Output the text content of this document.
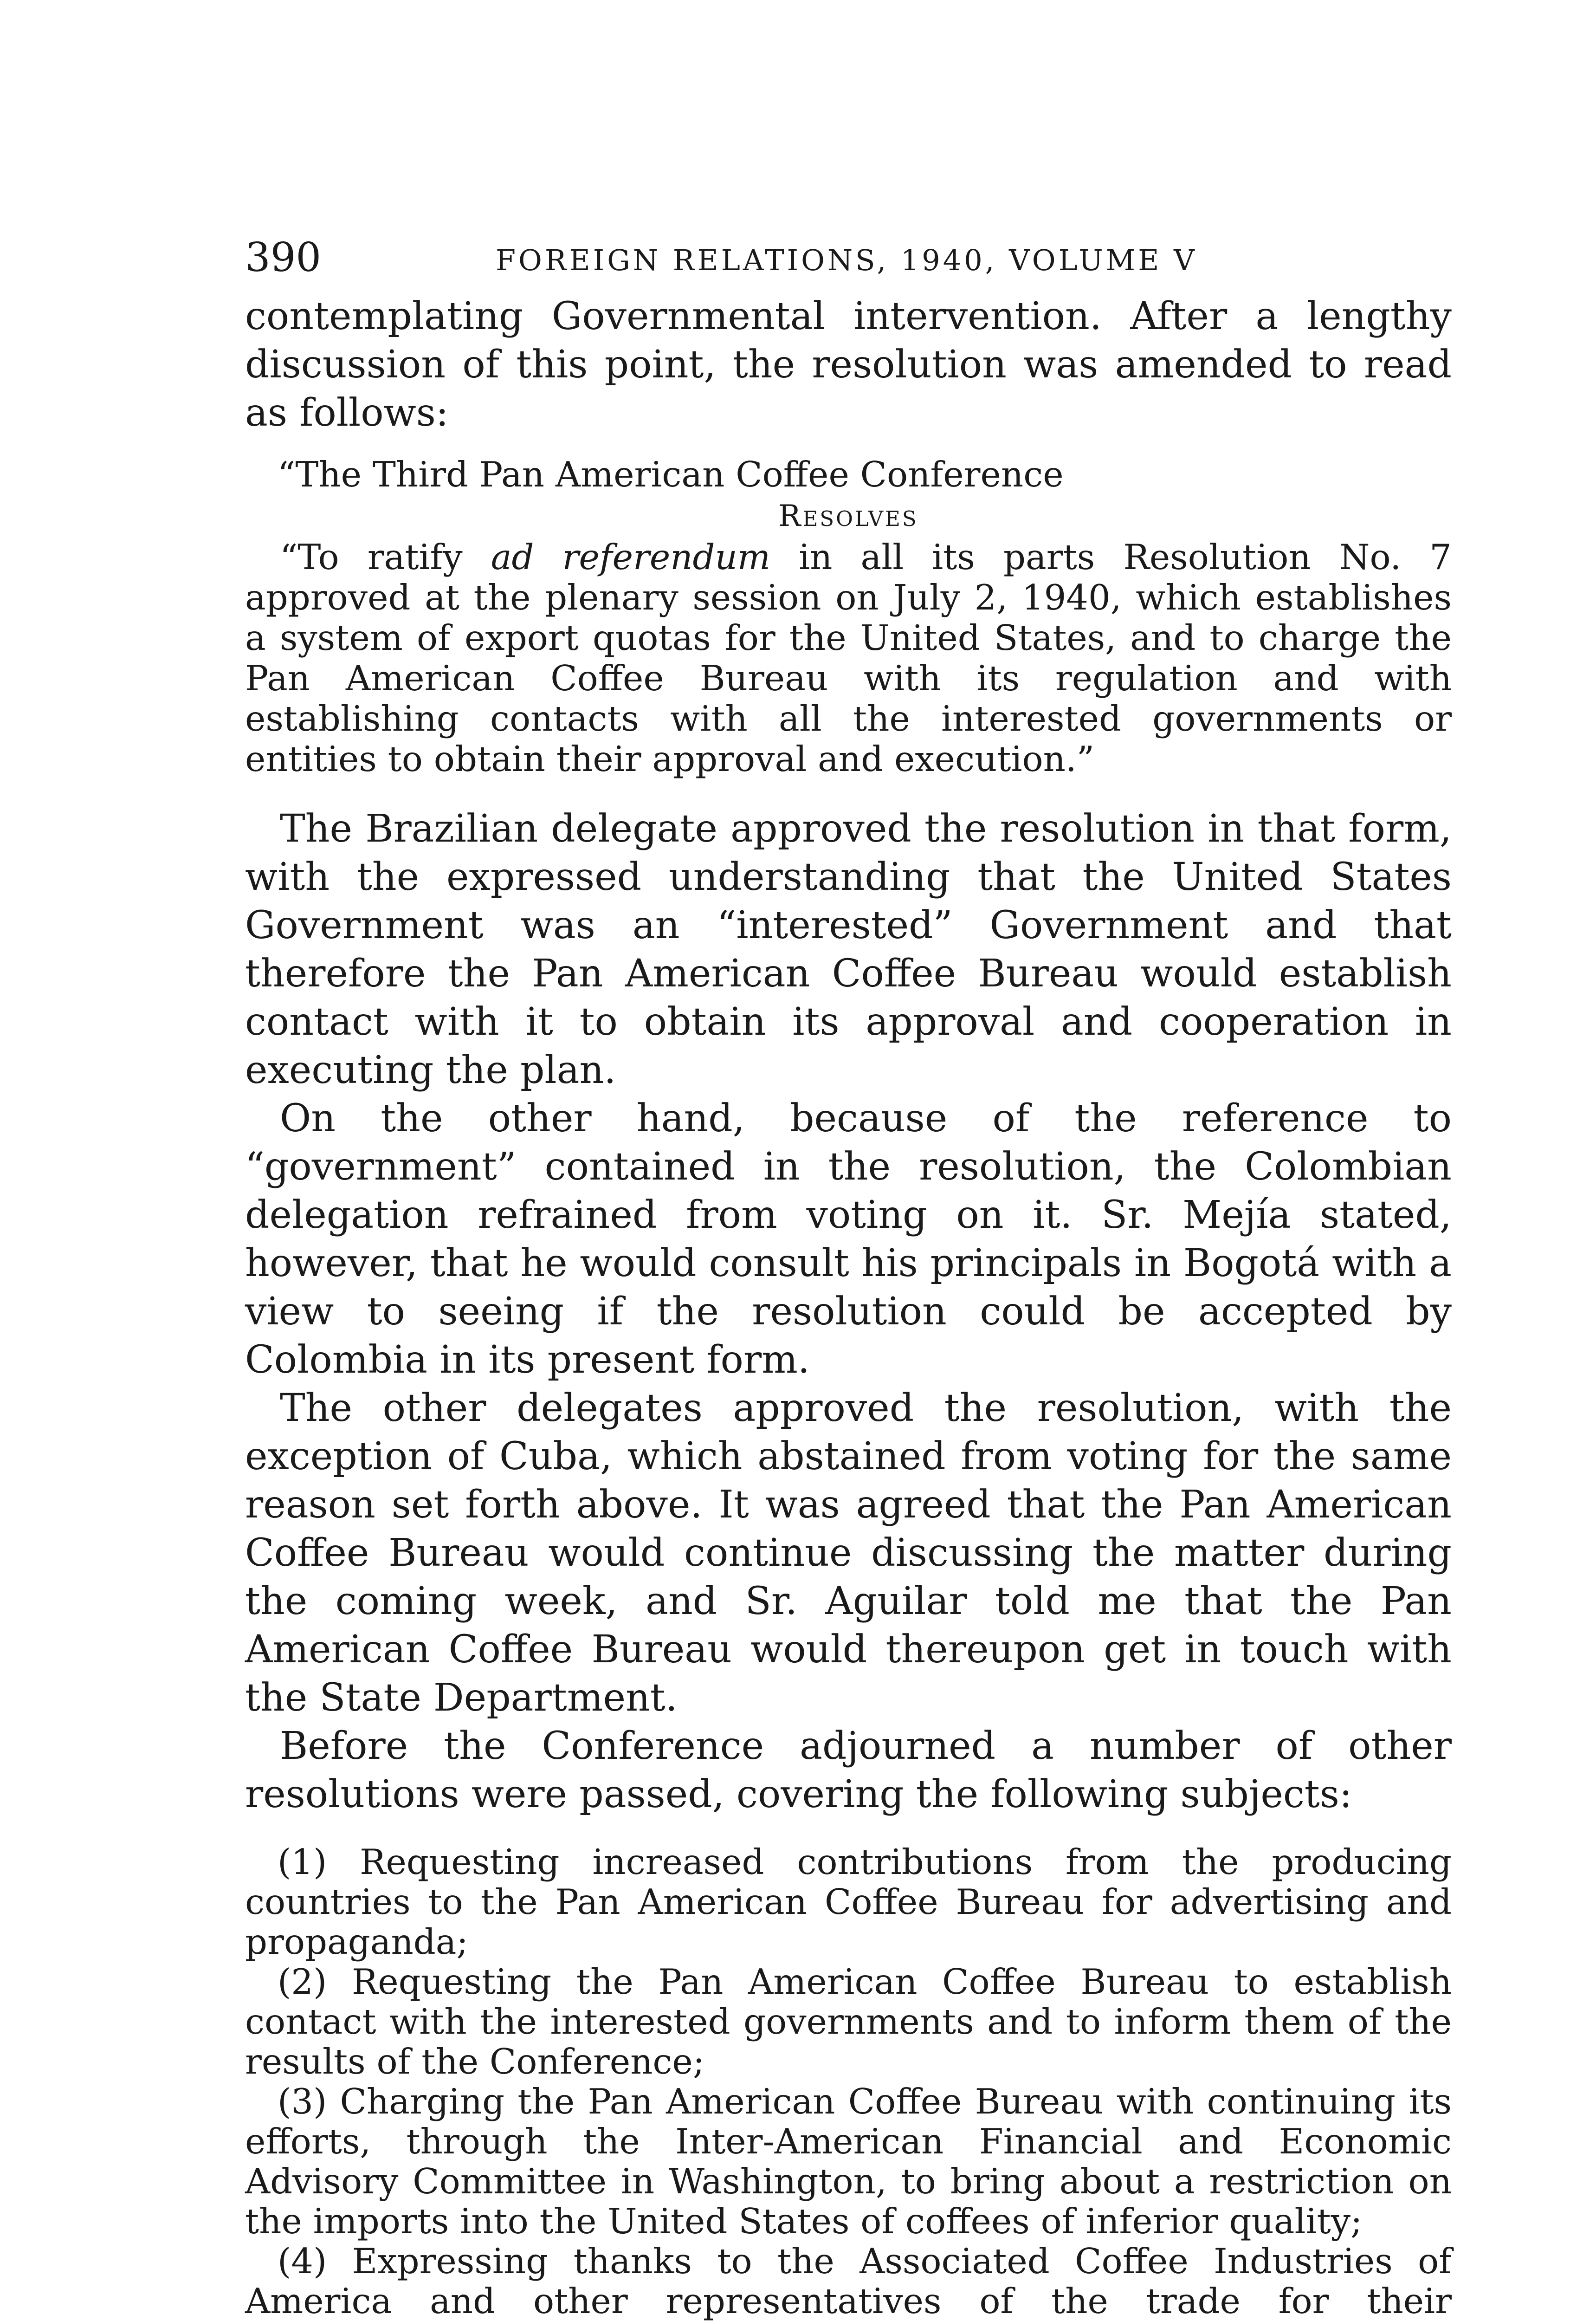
390	FOREIGN RELATIONS, 1940, VOLUME V

contemplating Governmental intervention. After a lengthy discussion of this point, the resolution was amended to read as follows:

“The Third Pan American Coffee Conference

Resolves

“To ratify ad referendum in all its parts Resolution No. 7 approved at the plenary session on July 2, 1940, which establishes a system of export quotas for the United States, and to charge the Pan American Coffee Bureau with its regulation and with establishing contacts with all the interested governments or entities to obtain their approval and execution.”

The Brazilian delegate approved the resolution in that form, with the expressed understanding that the United States Government was an “interested” Government and that therefore the Pan American Coffee Bureau would establish contact with it to obtain its approval and cooperation in executing the plan.

On the other hand, because of the reference to “government” contained in the resolution, the Colombian delegation refrained from voting on it. Sr. Mejía stated, however, that he would consult his principals in Bogotá with a view to seeing if the resolution could be accepted by Colombia in its present form.

The other delegates approved the resolution, with the exception of Cuba, which abstained from voting for the same reason set forth above. It was agreed that the Pan American Coffee Bureau would continue discussing the matter during the coming week, and Sr. Aguilar told me that the Pan American Coffee Bureau would thereupon get in touch with the State Department.

Before the Conference adjourned a number of other resolutions were passed, covering the following subjects:

(1) Requesting increased contributions from the producing countries to the Pan American Coffee Bureau for advertising and propaganda;

(2) Requesting the Pan American Coffee Bureau to establish contact with the interested governments and to inform them of the results of the Conference;

(3) Charging the Pan American Coffee Bureau with continuing its efforts, through the Inter-American Financial and Economic Advisory Committee in Washington, to bring about a restriction on the imports into the United States of coffees of inferior quality;

(4) Expressing thanks to the Associated Coffee Industries of America and other representatives of the trade for their
